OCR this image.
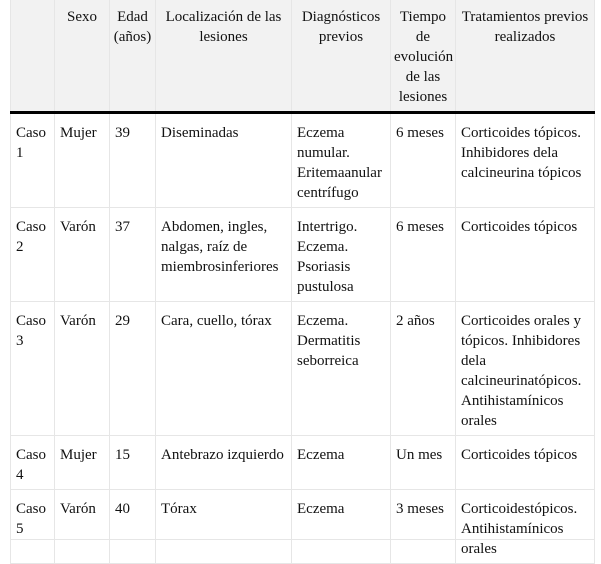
	Sexo	Edad (años)	Localización de las lesiones	Diagnósticos previos	Tiempo de evolución de las lesiones	Tratamientos previos realizados
Caso 1	Mujer	39	Diseminadas	Eczema numular. Eritemaanular centrífugo	6 meses	Corticoides tópicos. Inhibidores dela calcineurina tópicos
Caso 2	Varón	37	Abdomen, ingles, nalgas, raíz de miembrosinferiores	Intertrigo. Eczema. Psoriasis pustulosa	6 meses	Corticoides tópicos
Caso 3	Varón	29	Cara, cuello, tórax	Eczema. Dermatitis seborreica	2 años	Corticoides orales y tópicos. Inhibidores dela calcineurinatópicos. Antihistamínicos orales
Caso 4	Mujer	15	Antebrazo izquierdo	Eczema	Un mes	Corticoides tópicos
Caso 5	Varón	40	Tórax	Eczema	3 meses	Corticoidestópicos. Antihistamínicos orales
